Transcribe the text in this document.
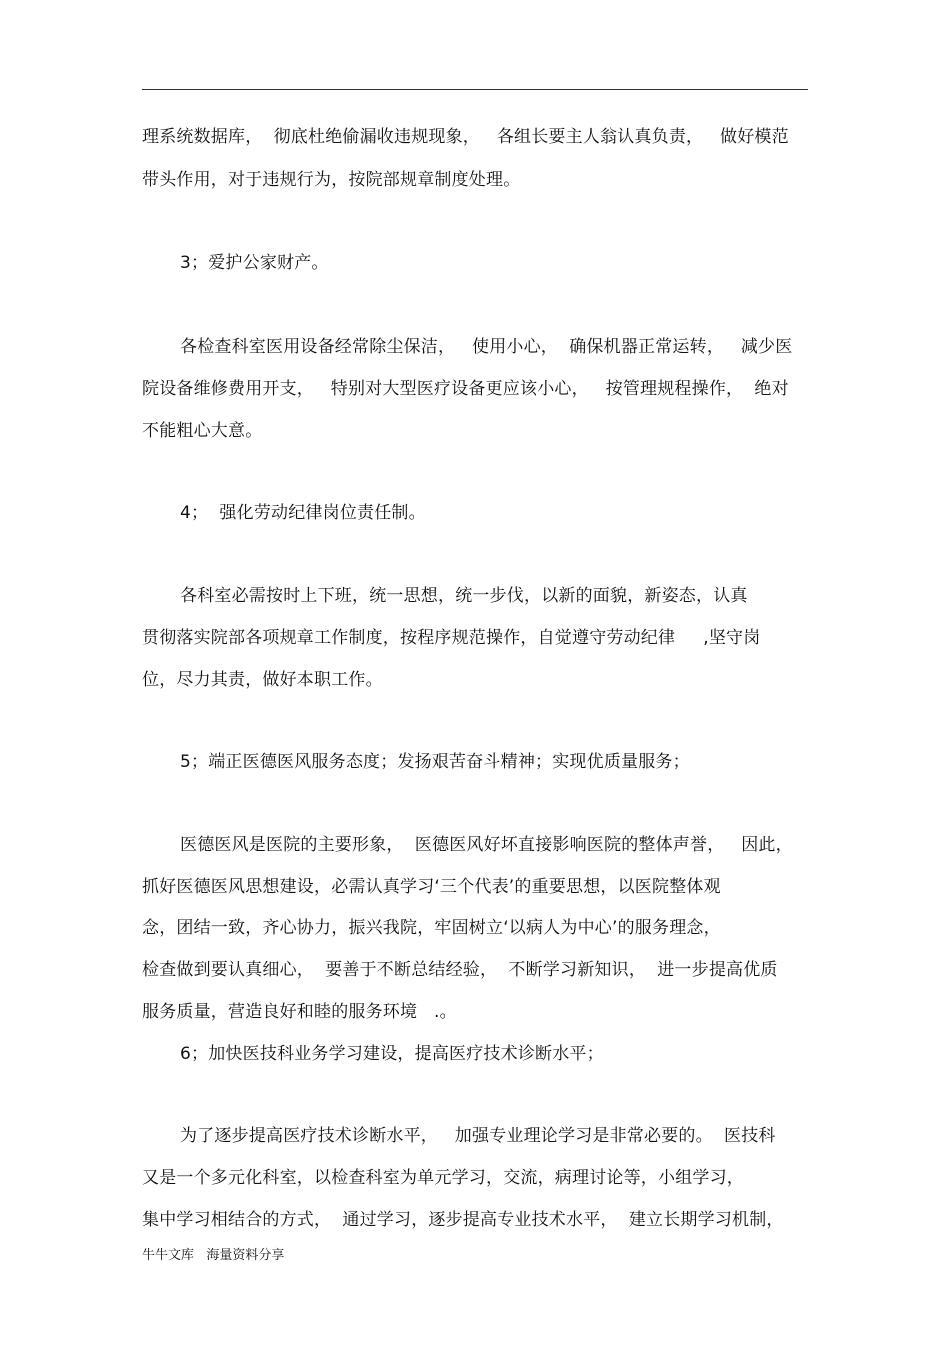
理系统数据库，  彻底杜绝偷漏收违规现象，   各组长要主人翁认真负责，   做好模范
带头作用，对于违规行为，按院部规章制度处理。
3；爱护公家财产。
各检查科室医用设备经常除尘保洁，   使用小心，  确保机器正常运转，   减少医
院设备维修费用开支，   特别对大型医疗设备更应该小心，   按管理规程操作，  绝对
不能粗心大意。
4；  强化劳动纪律岗位责任制。
各科室必需按时上下班，统一思想，统一步伐，以新的面貌，新姿态，认真
贯彻落实院部各项规章工作制度，按程序规范操作，自觉遵守劳动纪律     ,坚守岗
位，尽力其责，做好本职工作。
5；端正医德医风服务态度；发扬艰苦奋斗精神；实现优质量服务；
医德医风是医院的主要形象，  医德医风好坏直接影响医院的整体声誉，   因此，
抓好医德医风思想建设，必需认真学习‘三个代表’的重要思想，以医院整体观
念，团结一致，齐心协力，振兴我院，牢固树立‘以病人为中心’的服务理念，
检查做到要认真细心，  要善于不断总结经验，  不断学习新知识，  进一步提高优质
服务质量，营造良好和睦的服务环境   .。
6；加快医技科业务学习建设，提高医疗技术诊断水平；
为了逐步提高医疗技术诊断水平，   加强专业理论学习是非常必要的。  医技科
又是一个多元化科室，以检查科室为单元学习，交流，病理讨论等，小组学习，
集中学习相结合的方式，  通过学习，逐步提高专业技术水平，  建立长期学习机制，
牛牛文库   海量资料分享
